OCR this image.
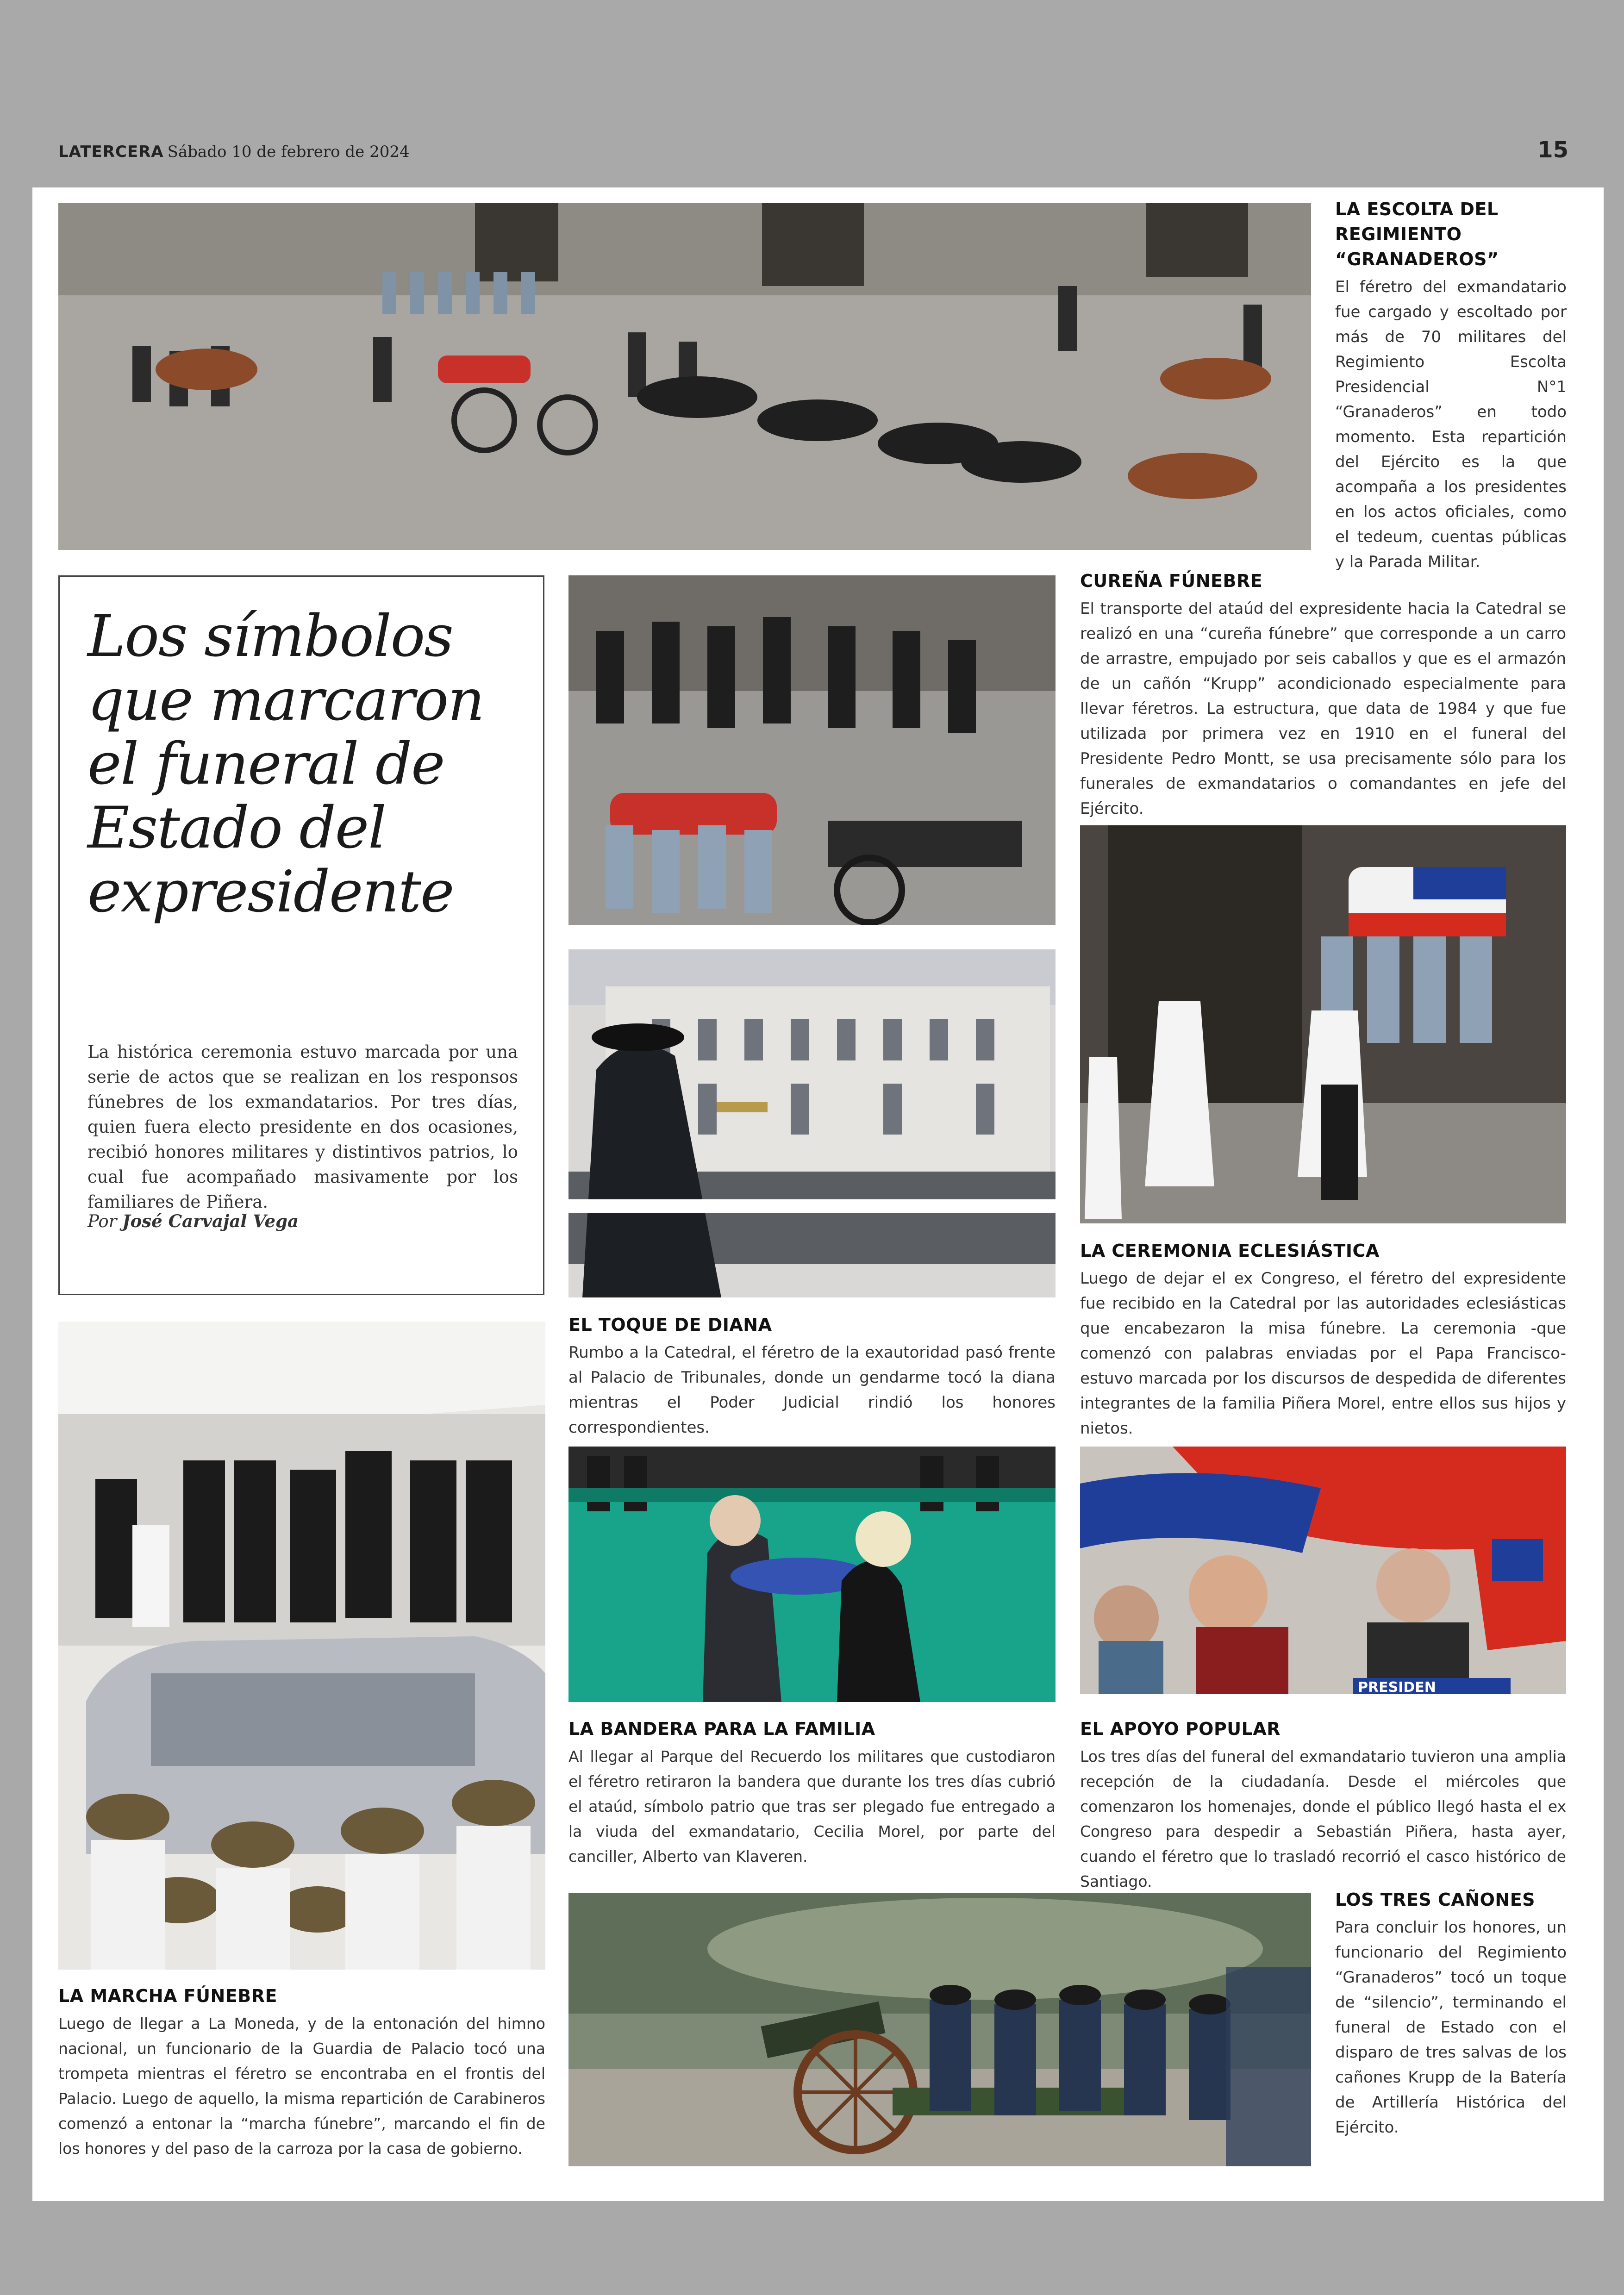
LATERCERA Sábado 10 de febrero de 2024	15
LA ESCOLTA DEL REGIMIENTO “GRANADEROS”

El féretro del exmandatario fue cargado y escoltado por más de 70 militares del Regimiento Escolta Presidencial N°1 “Granaderos” en todo momento. Esta repartición del Ejército es la que acompaña a los presidentes en los actos oficiales, como el tedeum, cuentas públicas y la Parada Militar.

Los símbolos que marcaron el funeral de Estado del expresidente

La histórica ceremonia estuvo marcada por una serie de actos que se realizan en los responsos fúnebres de los exmandatarios. Por tres días, quien fuera electo presidente en dos ocasiones, recibió honores militares y distintivos patrios, lo cual fue acompañado masivamente por los familiares de Piñera.

Por José Carvajal Vega

CUREÑA FÚNEBRE

El transporte del ataúd del expresidente hacia la Catedral se realizó en una “cureña fúnebre” que corresponde a un carro de arrastre, empujado por seis caballos y que es el armazón de un cañón “Krupp” acondicionado especialmente para llevar féretros. La estructura, que data de 1984 y que fue utilizada por primera vez en 1910 en el funeral del Presidente Pedro Montt, se usa precisamente sólo para los funerales de exmandatarios o comandantes en jefe del Ejército.

LA CEREMONIA ECLESIÁSTICA

Luego de dejar el ex Congreso, el féretro del expresidente fue recibido en la Catedral por las autoridades eclesiásticas que encabezaron la misa fúnebre. La ceremonia -que comenzó con palabras enviadas por el Papa Francisco- estuvo marcada por los discursos de despedida de diferentes integrantes de la familia Piñera Morel, entre ellos sus hijos y nietos.

EL TOQUE DE DIANA

Rumbo a la Catedral, el féretro de la exautoridad pasó frente al Palacio de Tribunales, donde un gendarme tocó la diana mientras el Poder Judicial rindió los honores correspondientes.

LA MARCHA FÚNEBRE

Luego de llegar a La Moneda, y de la entonación del himno nacional, un funcionario de la Guardia de Palacio tocó una trompeta mientras el féretro se encontraba en el frontis del Palacio. Luego de aquello, la misma repartición de Carabineros comenzó a entonar la “marcha fúnebre”, marcando el fin de los honores y del paso de la carroza por la casa de gobierno.

LA BANDERA PARA LA FAMILIA

Al llegar al Parque del Recuerdo los militares que custodiaron el féretro retiraron la bandera que durante los tres días cubrió el ataúd, símbolo patrio que tras ser plegado fue entregado a la viuda del exmandatario, Cecilia Morel, por parte del canciller, Alberto van Klaveren.

PRESIDEN
EL APOYO POPULAR

Los tres días del funeral del exmandatario tuvieron una amplia recepción de la ciudadanía. Desde el miércoles que comenzaron los homenajes, donde el público llegó hasta el ex Congreso para despedir a Sebastián Piñera, hasta ayer, cuando el féretro que lo trasladó recorrió el casco histórico de Santiago.

LOS TRES CAÑONES

Para concluir los honores, un funcionario del Regimiento “Granaderos” tocó un toque de “silencio”, terminando el funeral de Estado con el disparo de tres salvas de los cañones Krupp de la Batería de Artillería Histórica del Ejército.
